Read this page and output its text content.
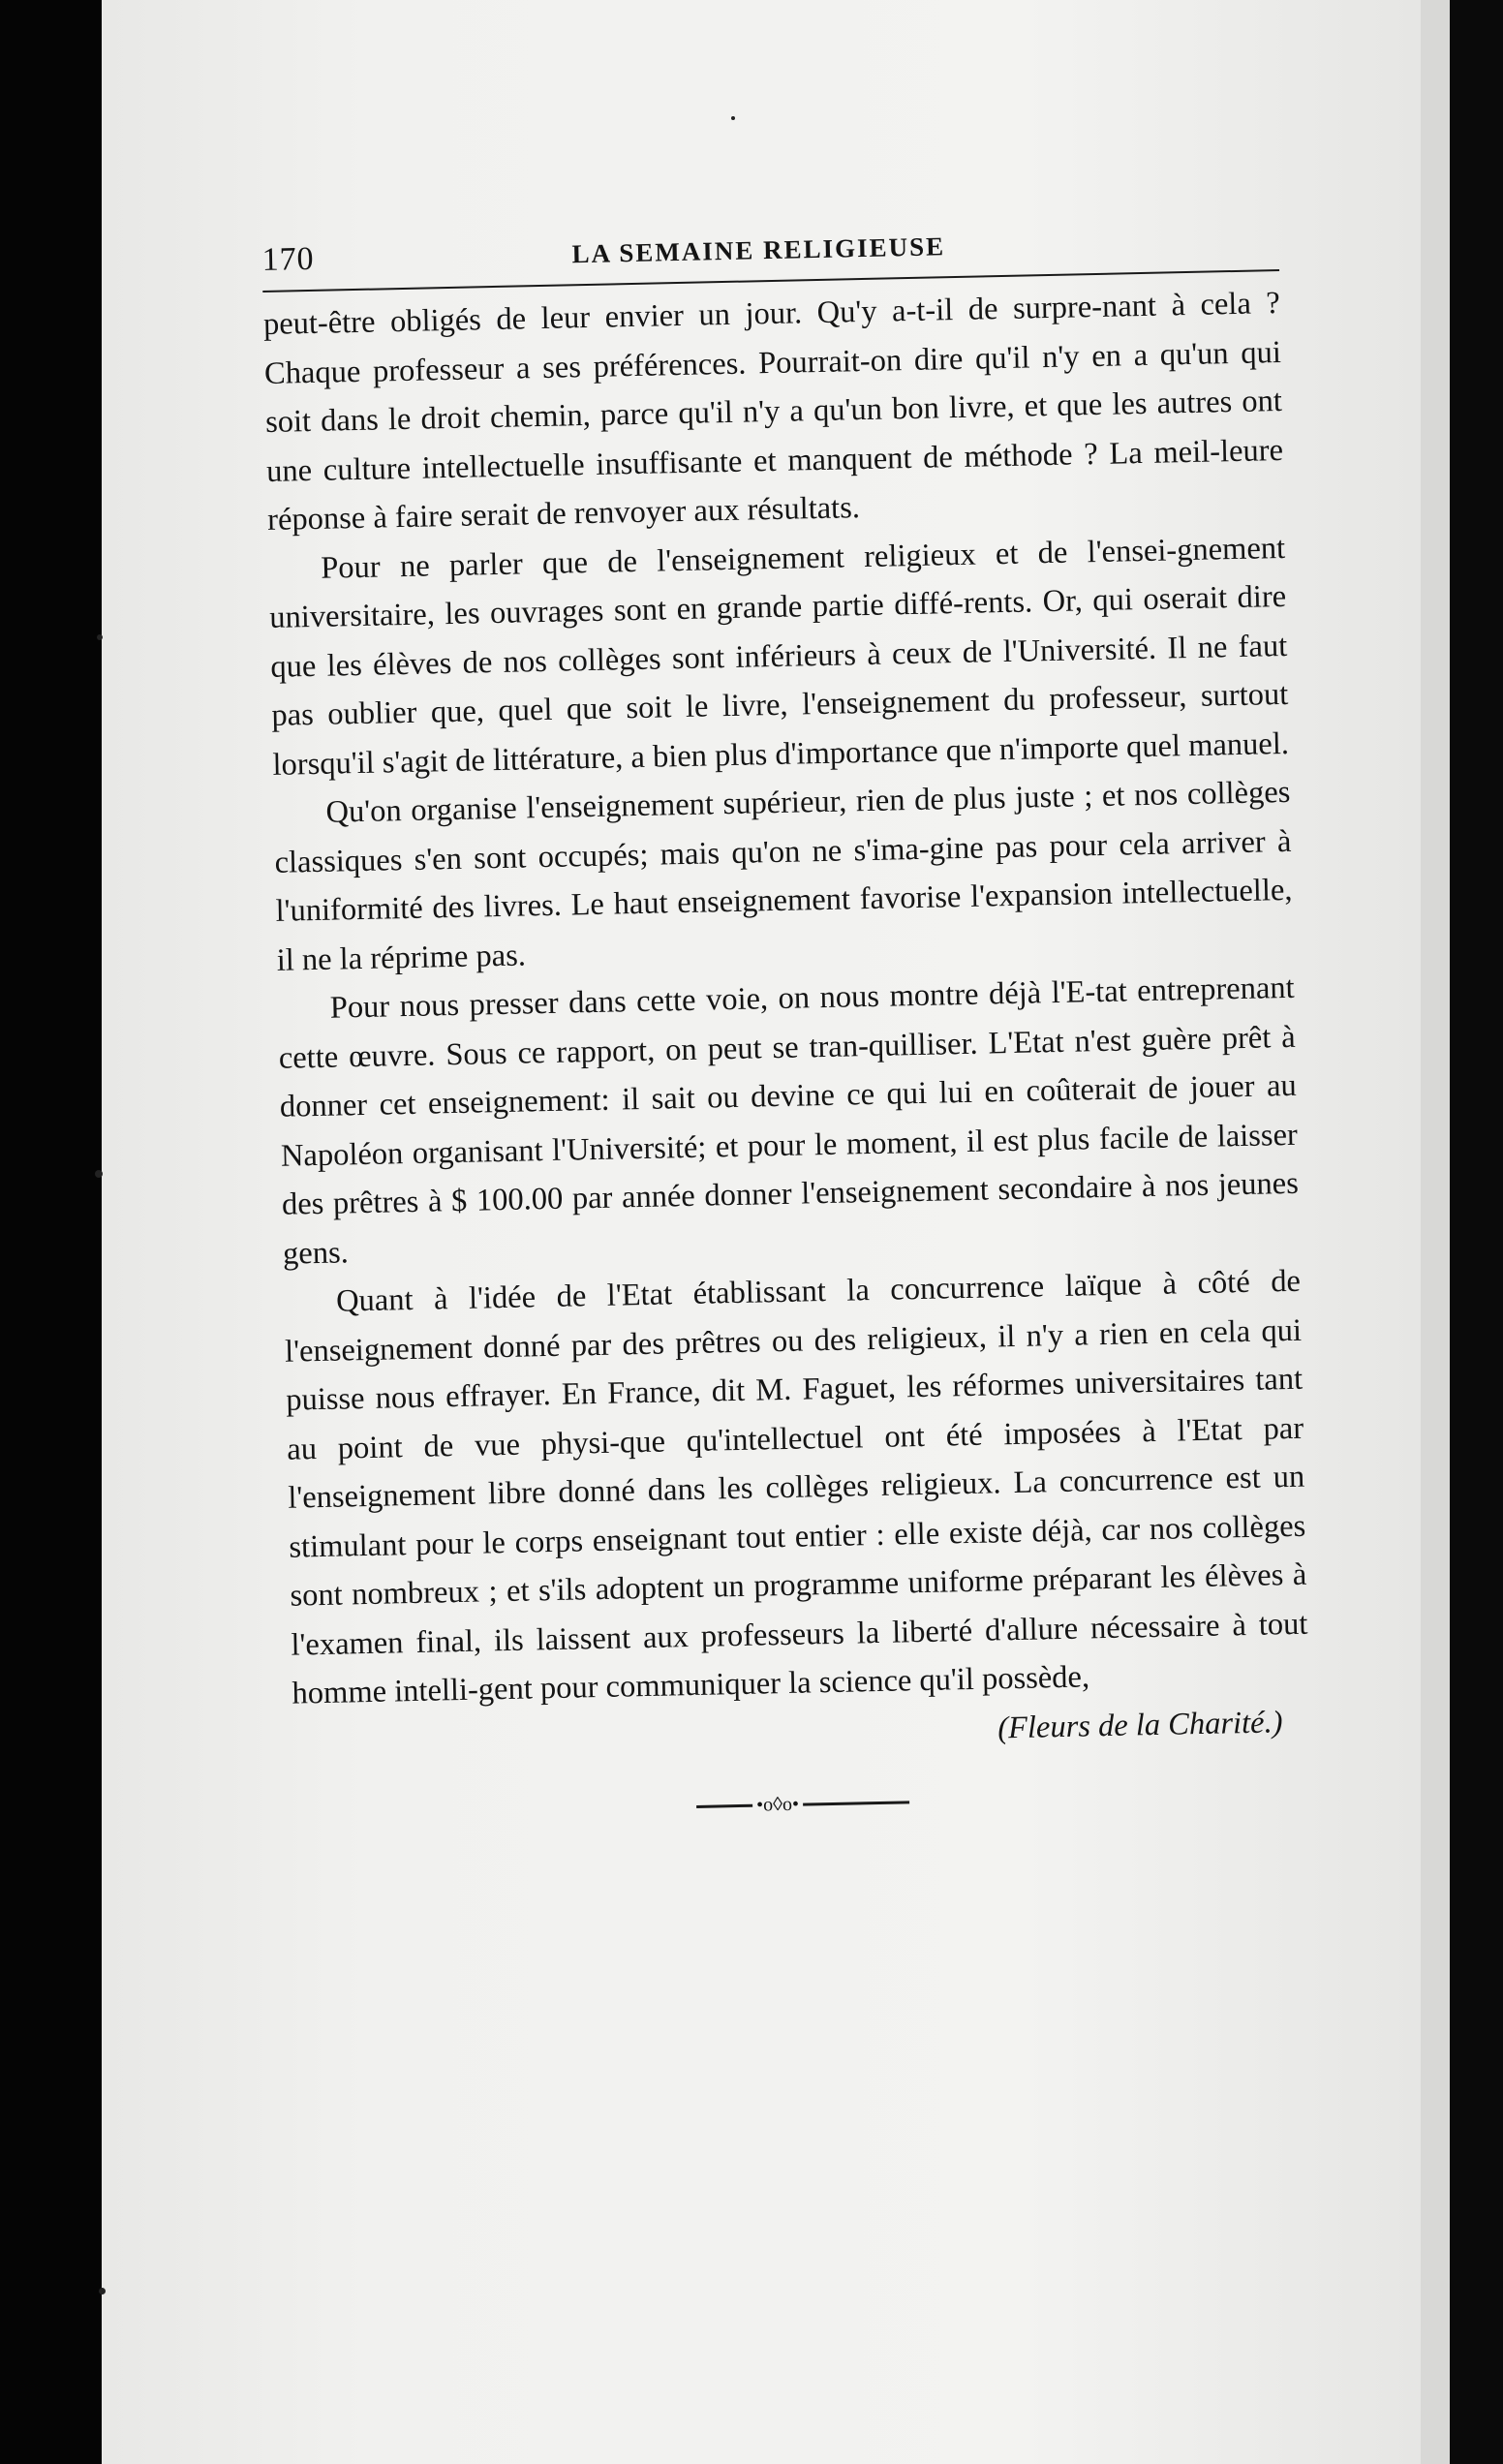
170	LA SEMAINE RELIGIEUSE

peut-être obligés de leur envier un jour. Qu'y a-t-il de surpre-nant à cela ? Chaque professeur a ses préférences. Pourrait-on dire qu'il n'y en a qu'un qui soit dans le droit chemin, parce qu'il n'y a qu'un bon livre, et que les autres ont une culture intellectuelle insuffisante et manquent de méthode ? La meil-leure réponse à faire serait de renvoyer aux résultats.

Pour ne parler que de l'enseignement religieux et de l'ensei-gnement universitaire, les ouvrages sont en grande partie diffé-rents. Or, qui oserait dire que les élèves de nos collèges sont inférieurs à ceux de l'Université. Il ne faut pas oublier que, quel que soit le livre, l'enseignement du professeur, surtout lorsqu'il s'agit de littérature, a bien plus d'importance que n'importe quel manuel.

Qu'on organise l'enseignement supérieur, rien de plus juste ; et nos collèges classiques s'en sont occupés; mais qu'on ne s'ima-gine pas pour cela arriver à l'uniformité des livres. Le haut enseignement favorise l'expansion intellectuelle, il ne la réprime pas.

Pour nous presser dans cette voie, on nous montre déjà l'E-tat entreprenant cette œuvre. Sous ce rapport, on peut se tran-quilliser. L'Etat n'est guère prêt à donner cet enseignement: il sait ou devine ce qui lui en coûterait de jouer au Napoléon organisant l'Université; et pour le moment, il est plus facile de laisser des prêtres à $ 100.00 par année donner l'enseignement secondaire à nos jeunes gens.

Quant à l'idée de l'Etat établissant la concurrence laïque à côté de l'enseignement donné par des prêtres ou des religieux, il n'y a rien en cela qui puisse nous effrayer. En France, dit M. Faguet, les réformes universitaires tant au point de vue physi-que qu'intellectuel ont été imposées à l'Etat par l'enseignement libre donné dans les collèges religieux. La concurrence est un stimulant pour le corps enseignant tout entier : elle existe déjà, car nos collèges sont nombreux ; et s'ils adoptent un programme uniforme préparant les élèves à l'examen final, ils laissent aux professeurs la liberté d'allure nécessaire à tout homme intelli-gent pour communiquer la science qu'il possède,

(Fleurs de la Charité.)
•o◊o•
